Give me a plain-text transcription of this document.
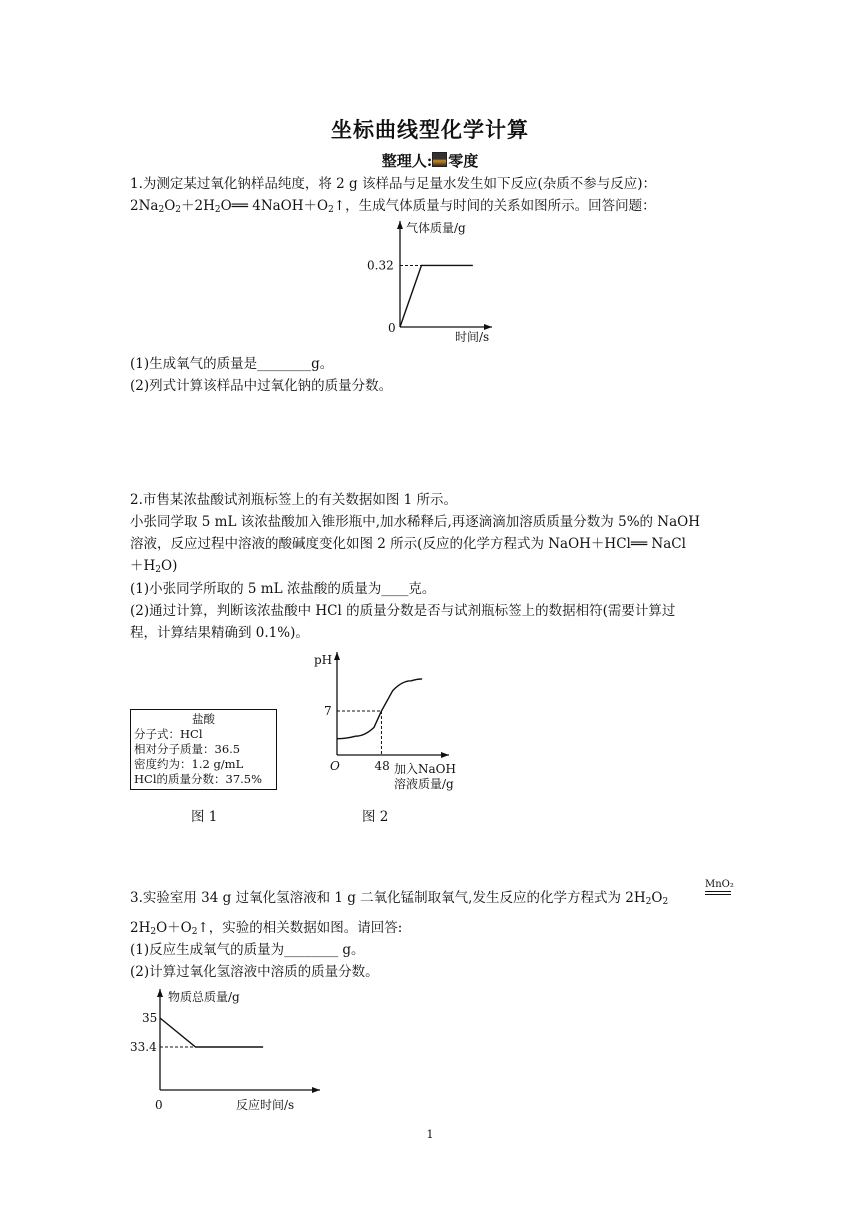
坐标曲线型化学计算
整理人: 零度
1.为测定某过氧化钠样品纯度，将 2 g 该样品与足量水发生如下反应(杂质不参与反应)：
$2Na_2O_2+2H_2O══$ $4NaOH+O_2↑$，生成气体质量与时间的关系如图所示。回答问题：
气体质量/g
时间/s
0
0.32
(1)生成氧气的质量是________g。
(2)列式计算该样品中过氧化钠的质量分数。
2.市售某浓盐酸试剂瓶标签上的有关数据如图 1 所示。
小张同学取 5 mL 该浓盐酸加入锥形瓶中,加水稀释后,再逐滴滴加溶质质量分数为 5%的 NaOH
溶液，反应过程中溶液的酸碱度变化如图 2 所示(反应的化学方程式为 NaOH＋HCl══ NaCl
$+H_2O$)
(1)小张同学所取的 5 mL 浓盐酸的质量为____克。
(2)通过计算，判断该浓盐酸中 HCl 的质量分数是否与试剂瓶标签上的数据相符(需要计算过
程，计算结果精确到 0.1%)。
盐酸
分子式：HCl
相对分子质量：36.5
密度约为：1.2 g/mL
HCl的质量分数：37.5%
图 1
pH
加入NaOH
溶液质量/g
O
7
48
图 2
3.实验室用 34 g 过氧化氢溶液和 1 g 二氧化锰制取氧气,发生反应的化学方程式为 $2H_2O_2$
MnO₂
$2H_2O+O_2↑$，实验的相关数据如图。请回答:
(1)反应生成氧气的质量为________ g。
(2)计算过氧化氢溶液中溶质的质量分数。
物质总质量/g
反应时间/s
0
35
33.4
1
